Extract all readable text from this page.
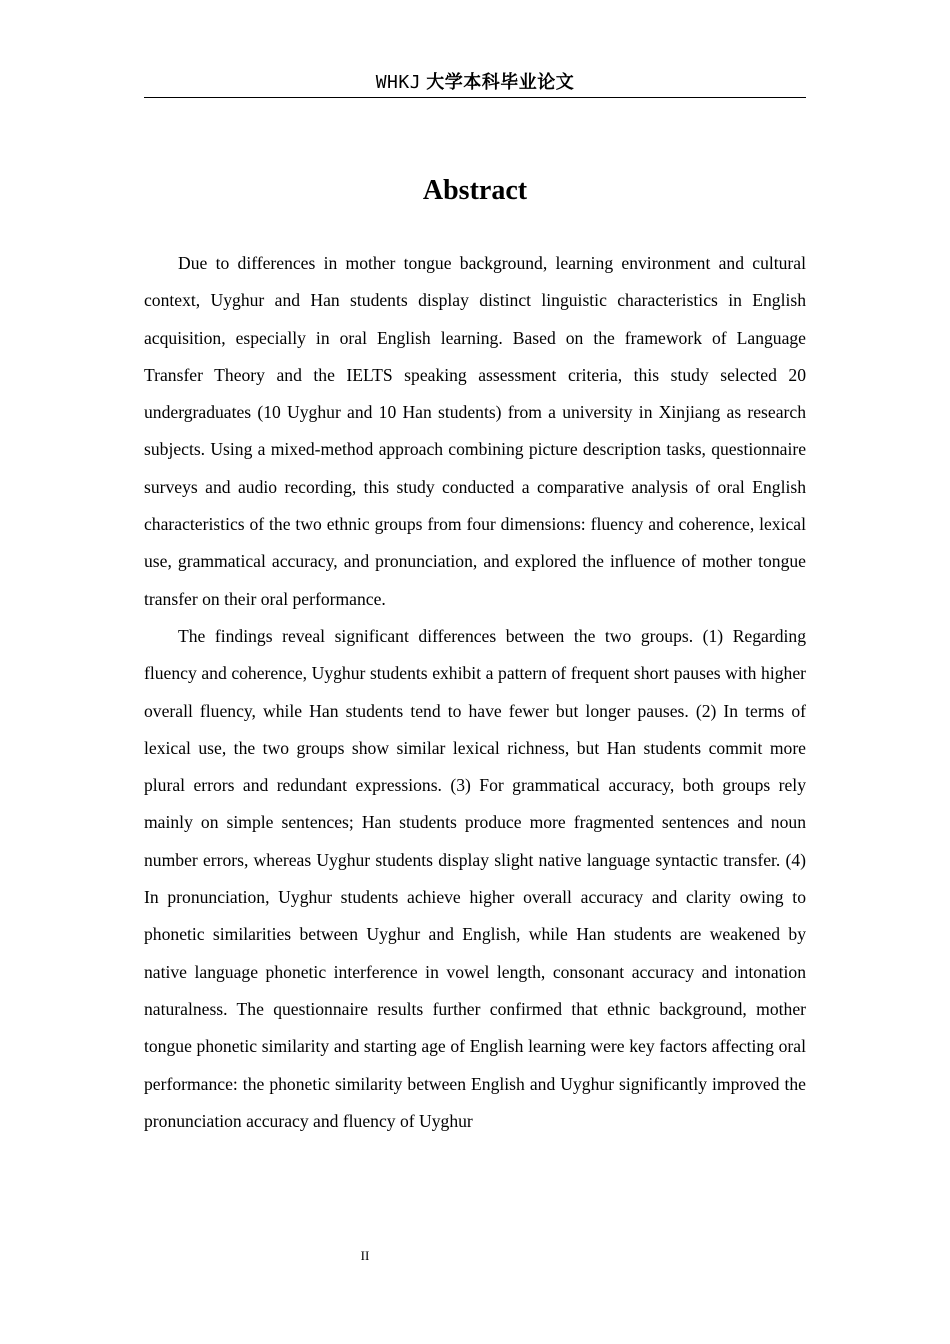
WHKJ 大学本科毕业论文
Abstract

Due to differences in mother tongue background, learning environment and cultural context, Uyghur and Han students display distinct linguistic characteristics in English acquisition, especially in oral English learning. Based on the framework of Language Transfer Theory and the IELTS speaking assessment criteria, this study selected 20 undergraduates (10 Uyghur and 10 Han students) from a university in Xinjiang as research subjects. Using a mixed-method approach combining picture description tasks, questionnaire surveys and audio recording, this study conducted a comparative analysis of oral English characteristics of the two ethnic groups from four dimensions: fluency and coherence, lexical use, grammatical accuracy, and pronunciation, and explored the influence of mother tongue transfer on their oral performance.

The findings reveal significant differences between the two groups. (1) Regarding fluency and coherence, Uyghur students exhibit a pattern of frequent short pauses with higher overall fluency, while Han students tend to have fewer but longer pauses. (2) In terms of lexical use, the two groups show similar lexical richness, but Han students commit more plural errors and redundant expressions. (3) For grammatical accuracy, both groups rely mainly on simple sentences; Han students produce more fragmented sentences and noun number errors, whereas Uyghur students display slight native language syntactic transfer. (4) In pronunciation, Uyghur students achieve higher overall accuracy and clarity owing to phonetic similarities between Uyghur and English, while Han students are weakened by native language phonetic interference in vowel length, consonant accuracy and intonation naturalness. The questionnaire results further confirmed that ethnic background, mother tongue phonetic similarity and starting age of English learning were key factors affecting oral performance: the phonetic similarity between English and Uyghur significantly improved the pronunciation accuracy and fluency of Uyghur

II
